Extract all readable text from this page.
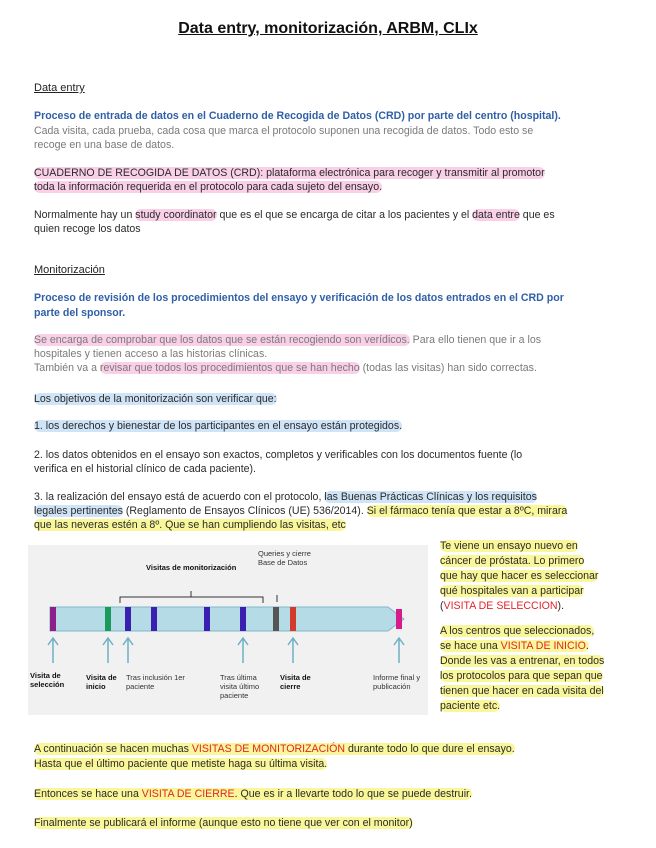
Data entry, monitorización, ARBM, CLIx
Data entry
Proceso de entrada de datos en el Cuaderno de Recogida de Datos (CRD) por parte del centro (hospital).
Cada visita, cada prueba, cada cosa que marca el protocolo suponen una recogida de datos. Todo esto se
recoge en una base de datos.
CUADERNO DE RECOGIDA DE DATOS (CRD): plataforma electrónica para recoger y transmitir al promotor
toda la información requerida en el protocolo para cada sujeto del ensayo.
Normalmente hay un study coordinator que es el que se encarga de citar a los pacientes y el data entre que es
quien recoge los datos
Monitorización
Proceso de revisión de los procedimientos del ensayo y verificación de los datos entrados en el CRD por
parte del sponsor.
Se encarga de comprobar que los datos que se están recogiendo son verídicos. Para ello tienen que ir a los
hospitales y tienen acceso a las historias clínicas.
También va a revisar que todos los procedimientos que se han hecho (todas las visitas) han sido correctas.
Los objetivos de la monitorización son verificar que:
1. los derechos y bienestar de los participantes en el ensayo están protegidos.
2. los datos obtenidos en el ensayo son exactos, completos y verificables con los documentos fuente (lo
verifica en el historial clínico de cada paciente).
3. la realización del ensayo está de acuerdo con el protocolo, las Buenas Prácticas Clínicas y los requisitos
legales pertinentes (Reglamento de Ensayos Clínicos (UE) 536/2014). Si el fármaco tenía que estar a 8ºC, mirara
que las neveras estén a 8º. Que se han cumpliendo las visitas, etc
Visitas de monitorización
Queries y cierre Base de Datos
Visita de selección
Visita de inicio
Tras inclusión 1er paciente
Tras última visita último paciente
Visita de cierre
Informe final y publicación
Te viene un ensayo nuevo en
cáncer de próstata. Lo primero
que hay que hacer es seleccionar
qué hospitales van a participar
(VISITA DE SELECCION).
A los centros que seleccionados,
se hace una VISITA DE INICIO.
Donde les vas a entrenar, en todos
los protocolos para que sepan que
tienen que hacer en cada visita del
paciente etc.
A continuación se hacen muchas VISITAS DE MONITORIZACIÓN durante todo lo que dure el ensayo.
Hasta que el último paciente que metiste haga su última visita.
Entonces se hace una VISITA DE CIERRE. Que es ir a llevarte todo lo que se puede destruir.
Finalmente se publicará el informe (aunque esto no tiene que ver con el monitor)
